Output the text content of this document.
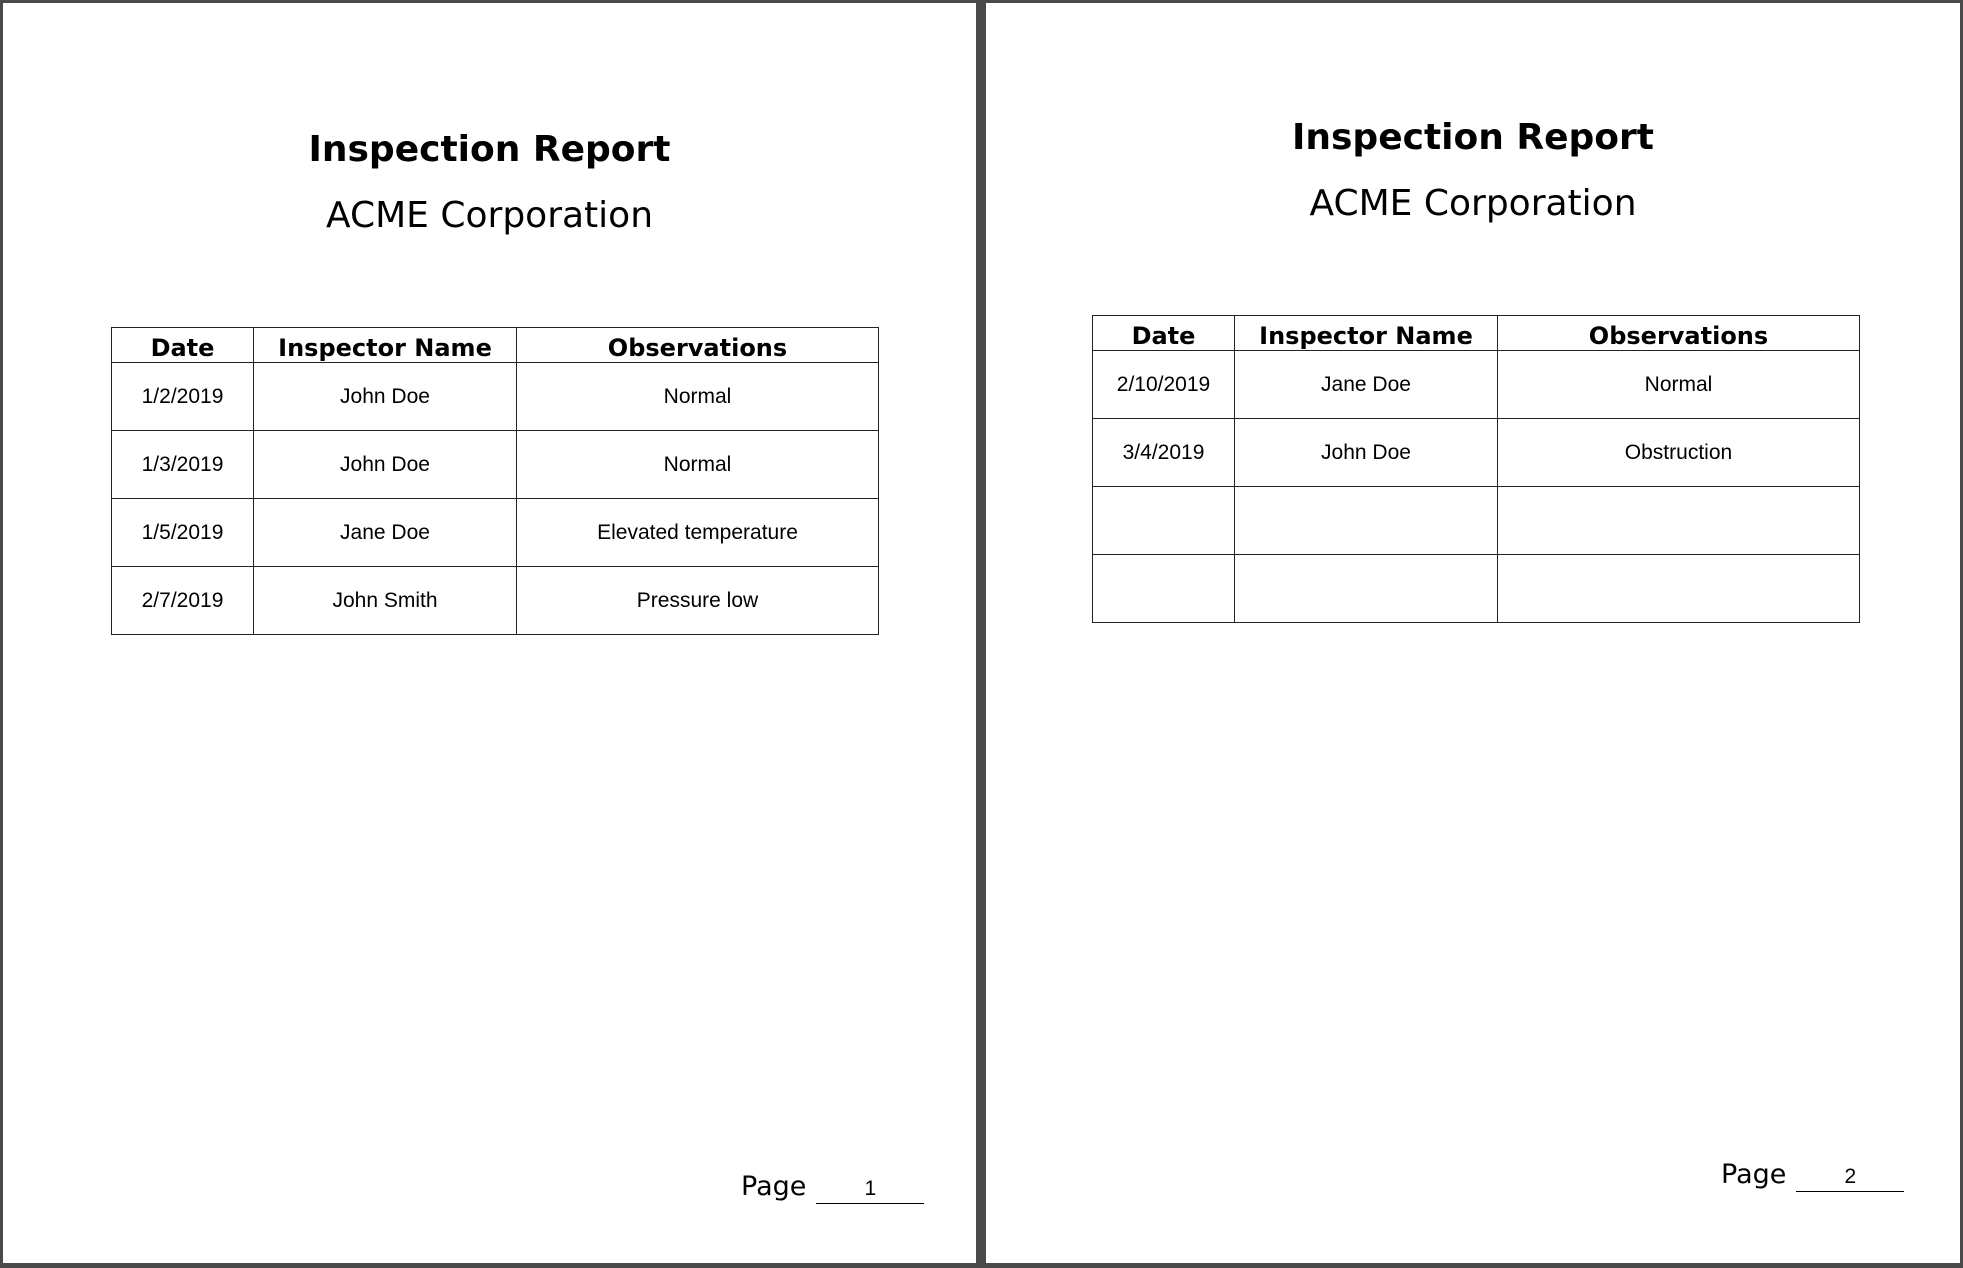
Inspection Report
ACME Corporation
Date	Inspector Name	Observations
1/2/2019	John Doe	Normal
1/3/2019	John Doe	Normal
1/5/2019	Jane Doe	Elevated temperature
2/7/2019	John Smith	Pressure low
Page	1
Inspection Report
ACME Corporation
Date	Inspector Name	Observations
2/10/2019	Jane Doe	Normal
3/4/2019	John Doe	Obstruction

Page	2
